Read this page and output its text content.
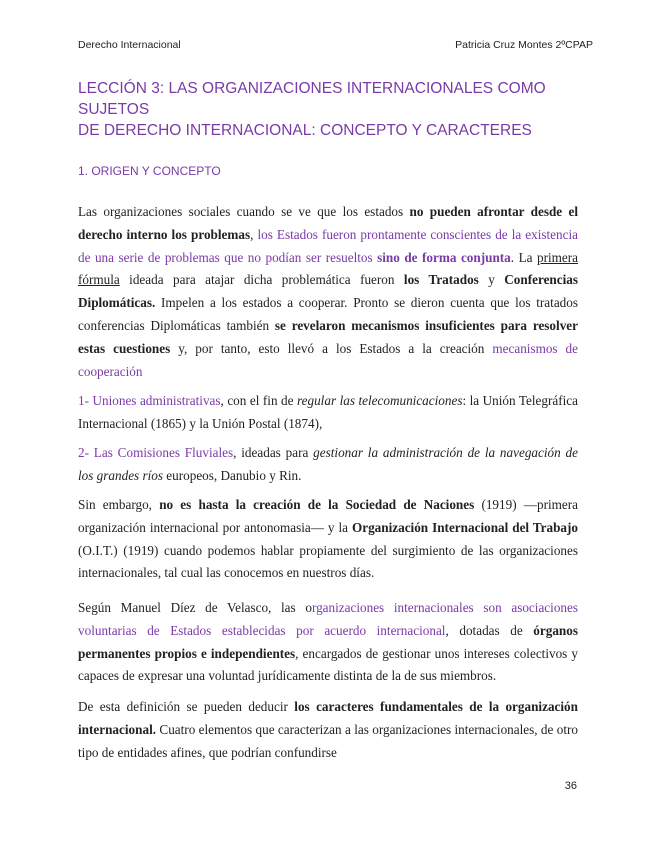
Derecho Internacional	Patricia Cruz Montes 2ºCPAP
LECCIÓN 3: LAS ORGANIZACIONES INTERNACIONALES COMO SUJETOS
DE DERECHO INTERNACIONAL: CONCEPTO Y CARACTERES
1. ORIGEN Y CONCEPTO

Las organizaciones sociales cuando se ve que los estados no pueden afrontar desde el derecho interno los problemas, los Estados fueron prontamente conscientes de la existencia de una serie de problemas que no podían ser resueltos sino de forma conjunta. La primera fórmula ideada para atajar dicha problemática fueron los Tratados y Conferencias Diplomáticas. Impelen a los estados a cooperar. Pronto se dieron cuenta que los tratados conferencias Diplomáticas también se revelaron mecanismos insuficientes para resolver estas cuestiones y, por tanto, esto llevó a los Estados a la creación mecanismos de cooperación

1- Uniones administrativas, con el fin de regular las telecomunicaciones: la Unión Telegráfica Internacional (1865) y la Unión Postal (1874),

2- Las Comisiones Fluviales, ideadas para gestionar la administración de la navegación de los grandes ríos europeos, Danubio y Rin.

Sin embargo, no es hasta la creación de la Sociedad de Naciones (1919) —primera organización internacional por antonomasia— y la Organización Internacional del Trabajo (O.I.T.) (1919) cuando podemos hablar propiamente del surgimiento de las organizaciones internacionales, tal cual las conocemos en nuestros días.

Según Manuel Díez de Velasco, las organizaciones internacionales son asociaciones voluntarias de Estados establecidas por acuerdo internacional, dotadas de órganos permanentes propios e independientes, encargados de gestionar unos intereses colectivos y capaces de expresar una voluntad jurídicamente distinta de la de sus miembros.

De esta definición se pueden deducir los caracteres fundamentales de la organización internacional. Cuatro elementos que caracterizan a las organizaciones internacionales, de otro tipo de entidades afines, que podrían confundirse

36
